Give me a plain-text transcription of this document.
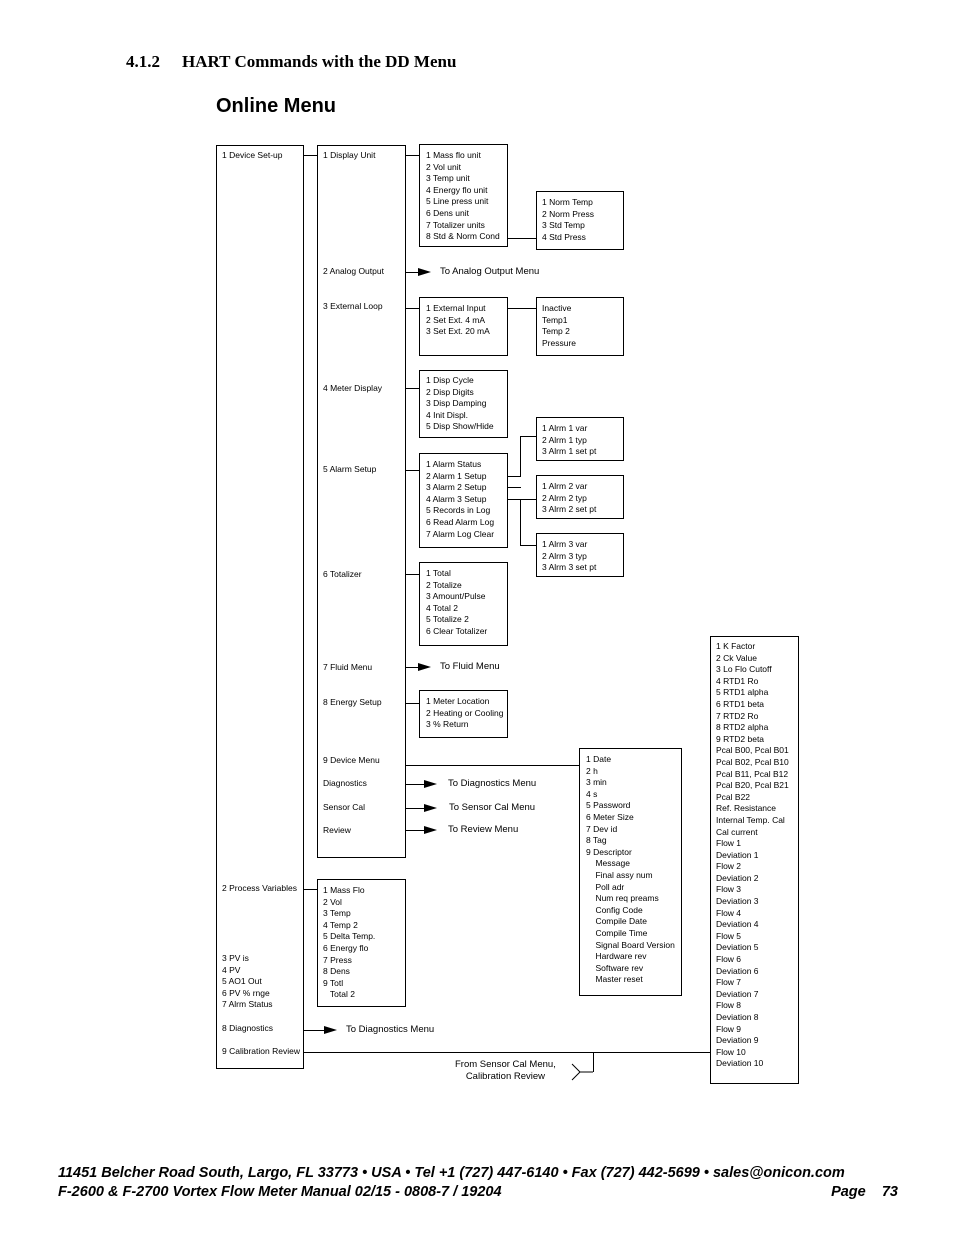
4.1.2 HART Commands with the DD Menu
Online Menu
1 Device Set-up
2 Process Variables
3 PV is
4 PV
5 AO1 Out
6 PV % rnge
7 Alrm Status
8 Diagnostics
9 Calibration Review
1 Display Unit
2 Analog Output
3 External Loop
4 Meter Display
5 Alarm Setup
6 Totalizer
7 Fluid Menu
8 Energy Setup
9 Device Menu
Diagnostics
Sensor Cal
Review
1 Mass flo unit
2 Vol unit
3 Temp unit
4 Energy flo unit
5 Line press unit
6 Dens unit
7 Totalizer units
8 Std & Norm Cond
1 Norm Temp
2 Norm Press
3 Std Temp
4 Std Press
To Analog Output Menu
1 External Input
2 Set Ext. 4 mA
3 Set Ext. 20 mA
Inactive
Temp1
Temp 2
Pressure
1 Disp Cycle
2 Disp Digits
3 Disp Damping
4 Init Displ.
5 Disp Show/Hide
1 Alarm Status
2 Alarm 1 Setup
3 Alarm 2 Setup
4 Alarm 3 Setup
5 Records in Log
6 Read Alarm Log
7 Alarm Log Clear
1 Alrm 1 var
2 Alrm 1 typ
3 Alrm 1 set pt
1 Alrm 2 var
2 Alrm 2 typ
3 Alrm 2 set pt
1 Alrm 3 var
2 Alrm 3 typ
3 Alrm 3 set pt
1 Total
2 Totalize
3 Amount/Pulse
4 Total 2
5 Totalize 2
6 Clear Totalizer
To Fluid Menu
1 Meter Location
2 Heating or Cooling
3 % Return
1 Date
2 h
3 min
4 s
5 Password
6 Meter Size
7 Dev id
8 Tag
9 Descriptor
Message
Final assy num
Poll adr
Num req preams
Config Code
Compile Date
Compile Time
Signal Board Version
Hardware rev
Software rev
Master reset
To Diagnostics Menu
To Sensor Cal Menu
To Review Menu
1 Mass Flo
2 Vol
3 Temp
4 Temp 2
5 Delta Temp.
6 Energy flo
7 Press
8 Dens
9 Totl
Total 2
To Diagnostics Menu
1 K Factor
2 Ck Value
3 Lo Flo Cutoff
4 RTD1 Ro
5 RTD1 alpha
6 RTD1 beta
7 RTD2 Ro
8 RTD2 alpha
9 RTD2 beta
Pcal B00, Pcal B01
Pcal B02, Pcal B10
Pcal B11, Pcal B12
Pcal B20, Pcal B21
Pcal B22
Ref. Resistance
Internal Temp. Cal
Cal current
Flow 1
Deviation 1
Flow 2
Deviation 2
Flow 3
Deviation 3
Flow 4
Deviation 4
Flow 5
Deviation 5
Flow 6
Deviation 6
Flow 7
Deviation 7
Flow 8
Deviation 8
Flow 9
Deviation 9
Flow 10
Deviation 10
From Sensor Cal Menu,
Calibration Review
11451 Belcher Road South, Largo, FL 33773 • USA • Tel +1 (727) 447-6140 • Fax (727) 442-5699 • sales@onicon.com
F-2600 & F-2700 Vortex Flow Meter Manual 02/15 - 0808-7 / 19204	Page 73
